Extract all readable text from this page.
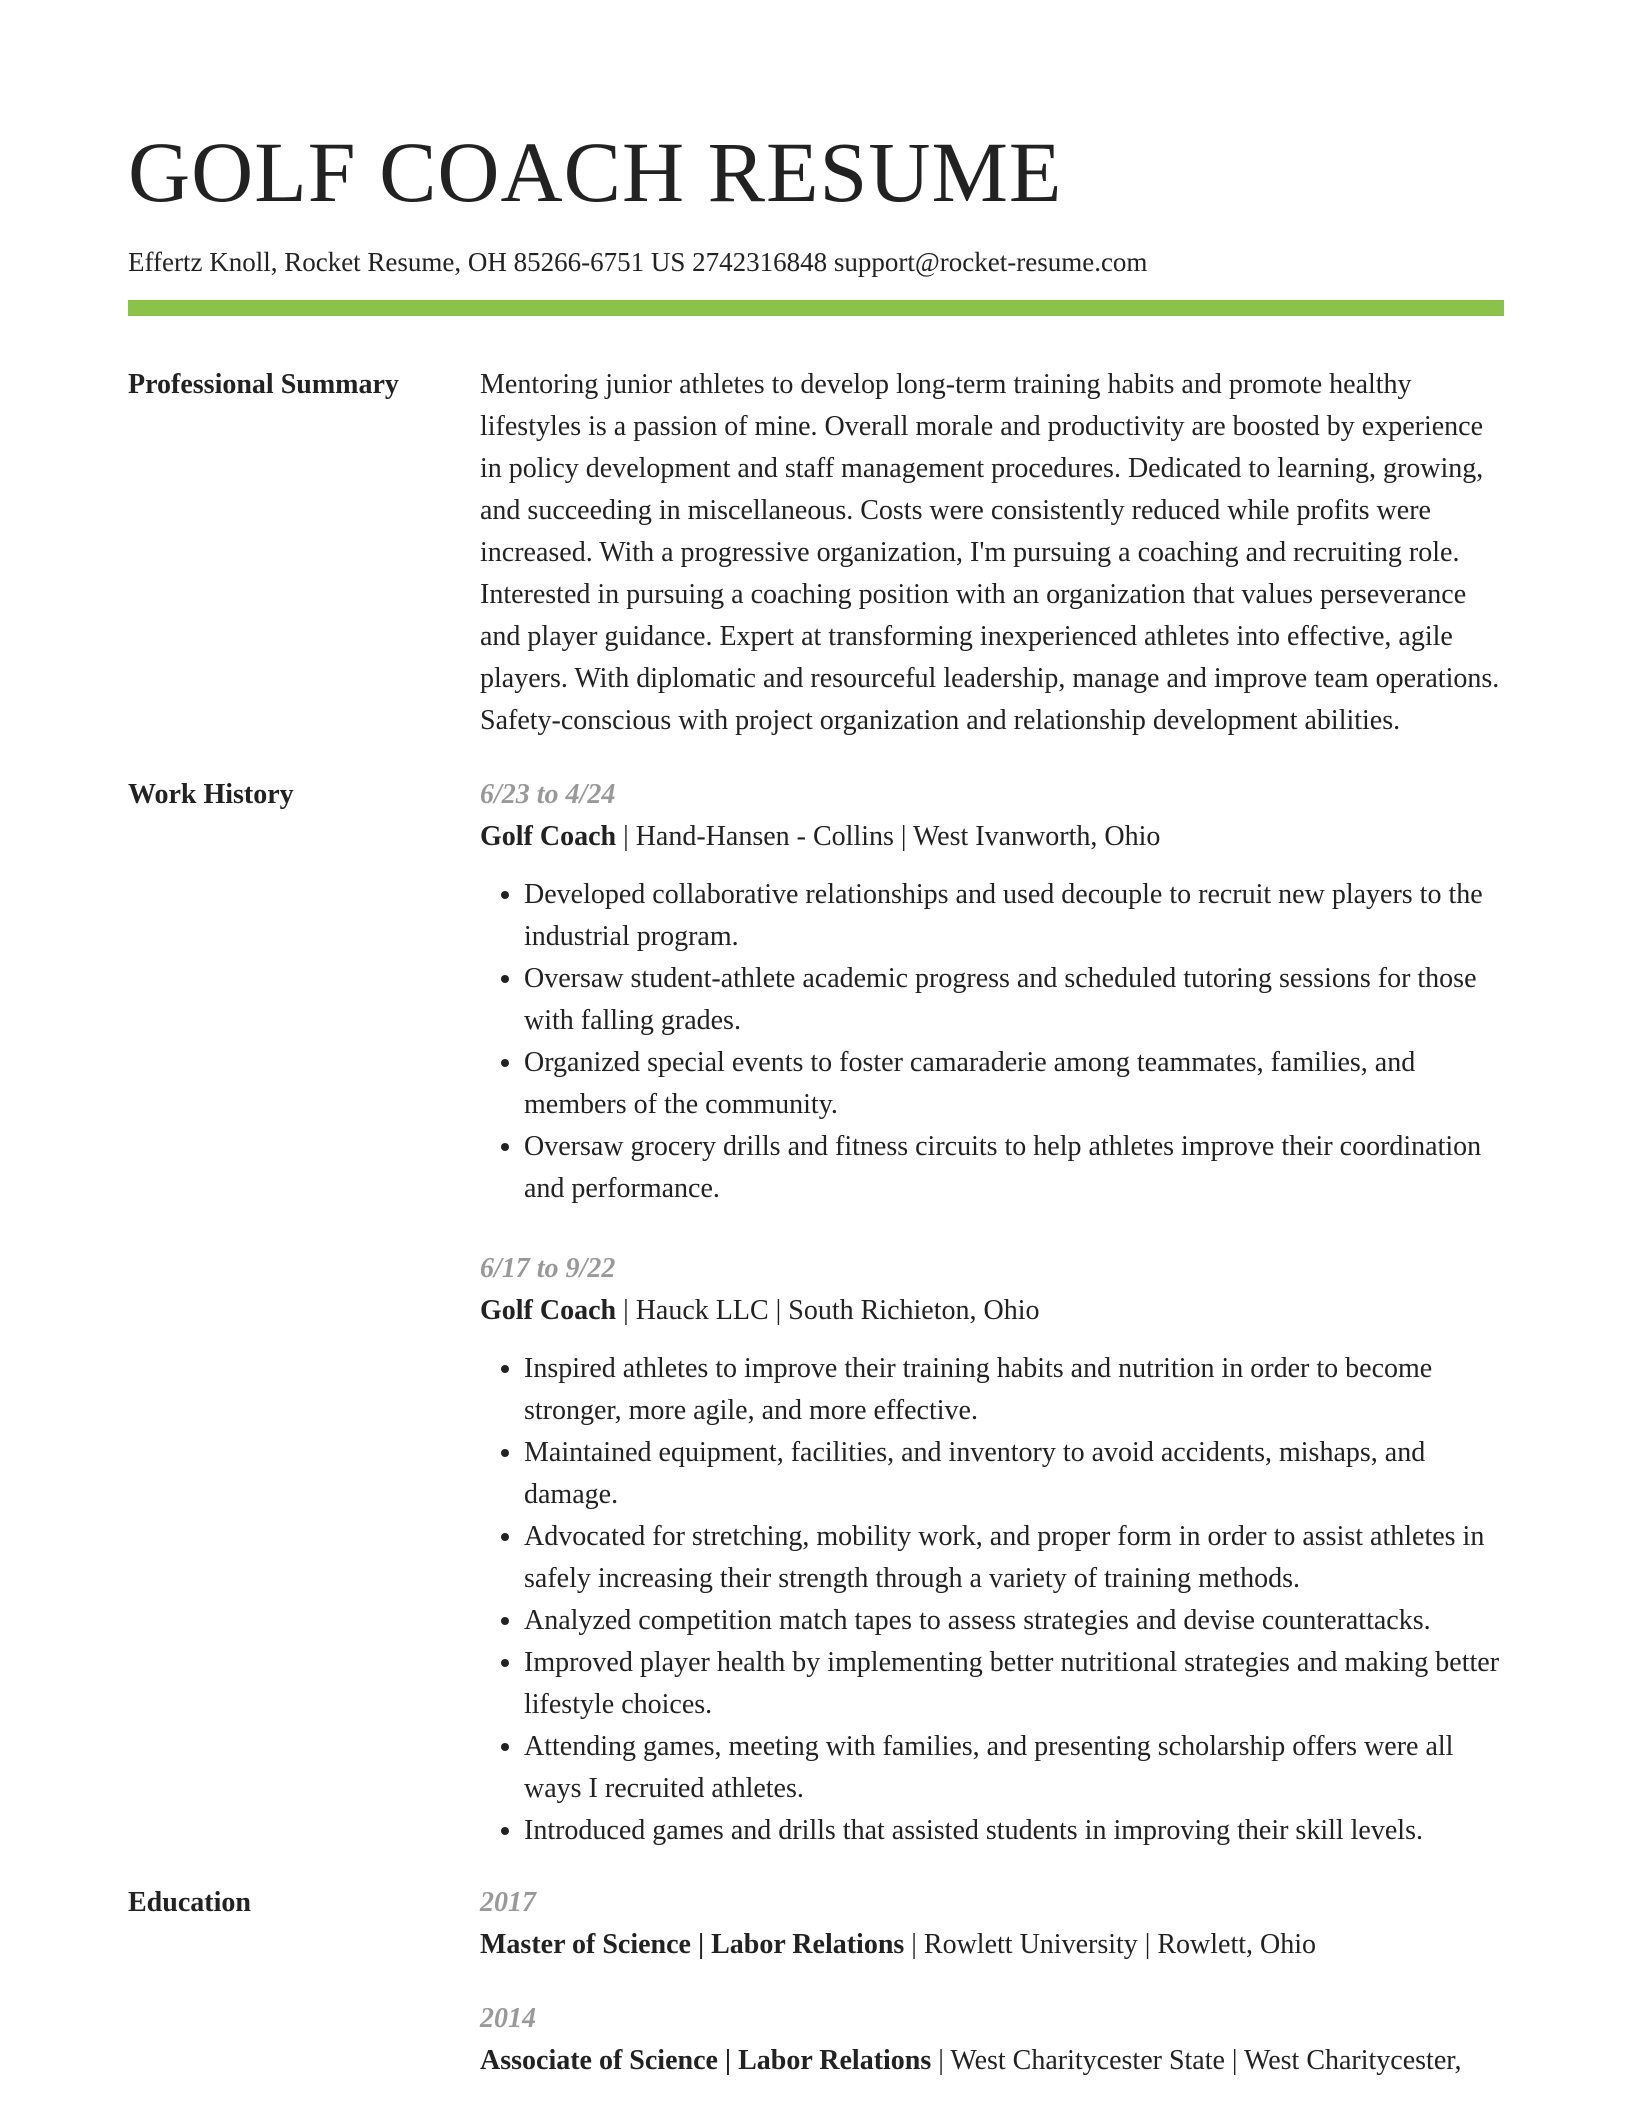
GOLF COACH RESUME
Effertz Knoll, Rocket Resume, OH 85266-6751 US 2742316848 support@rocket-resume.com
Professional Summary	Mentoring junior athletes to develop long-term training habits and promote healthy lifestyles is a passion of mine. Overall morale and productivity are boosted by experience in policy development and staff management procedures. Dedicated to learning, growing, and succeeding in miscellaneous. Costs were consistently reduced while profits were increased. With a progressive organization, I'm pursuing a coaching and recruiting role. Interested in pursuing a coaching position with an organization that values perseverance and player guidance. Expert at transforming inexperienced athletes into effective, agile players. With diplomatic and resourceful leadership, manage and improve team operations. Safety-conscious with project organization and relationship development abilities.
Work History	6/23 to 4/24
Golf Coach | Hand-Hansen - Collins | West Ivanworth, Ohio
• Developed collaborative relationships and used decouple to recruit new players to the industrial program.
• Oversaw student-athlete academic progress and scheduled tutoring sessions for those with falling grades.
• Organized special events to foster camaraderie among teammates, families, and members of the community.
• Oversaw grocery drills and fitness circuits to help athletes improve their coordination and performance.
6/17 to 9/22
Golf Coach | Hauck LLC | South Richieton, Ohio
• Inspired athletes to improve their training habits and nutrition in order to become stronger, more agile, and more effective.
• Maintained equipment, facilities, and inventory to avoid accidents, mishaps, and damage.
• Advocated for stretching, mobility work, and proper form in order to assist athletes in safely increasing their strength through a variety of training methods.
• Analyzed competition match tapes to assess strategies and devise counterattacks.
• Improved player health by implementing better nutritional strategies and making better lifestyle choices.
• Attending games, meeting with families, and presenting scholarship offers were all ways I recruited athletes.
• Introduced games and drills that assisted students in improving their skill levels.
Education	2017
Master of Science | Labor Relations | Rowlett University | Rowlett, Ohio
2014
Associate of Science | Labor Relations | West Charitycester State | West Charitycester,
